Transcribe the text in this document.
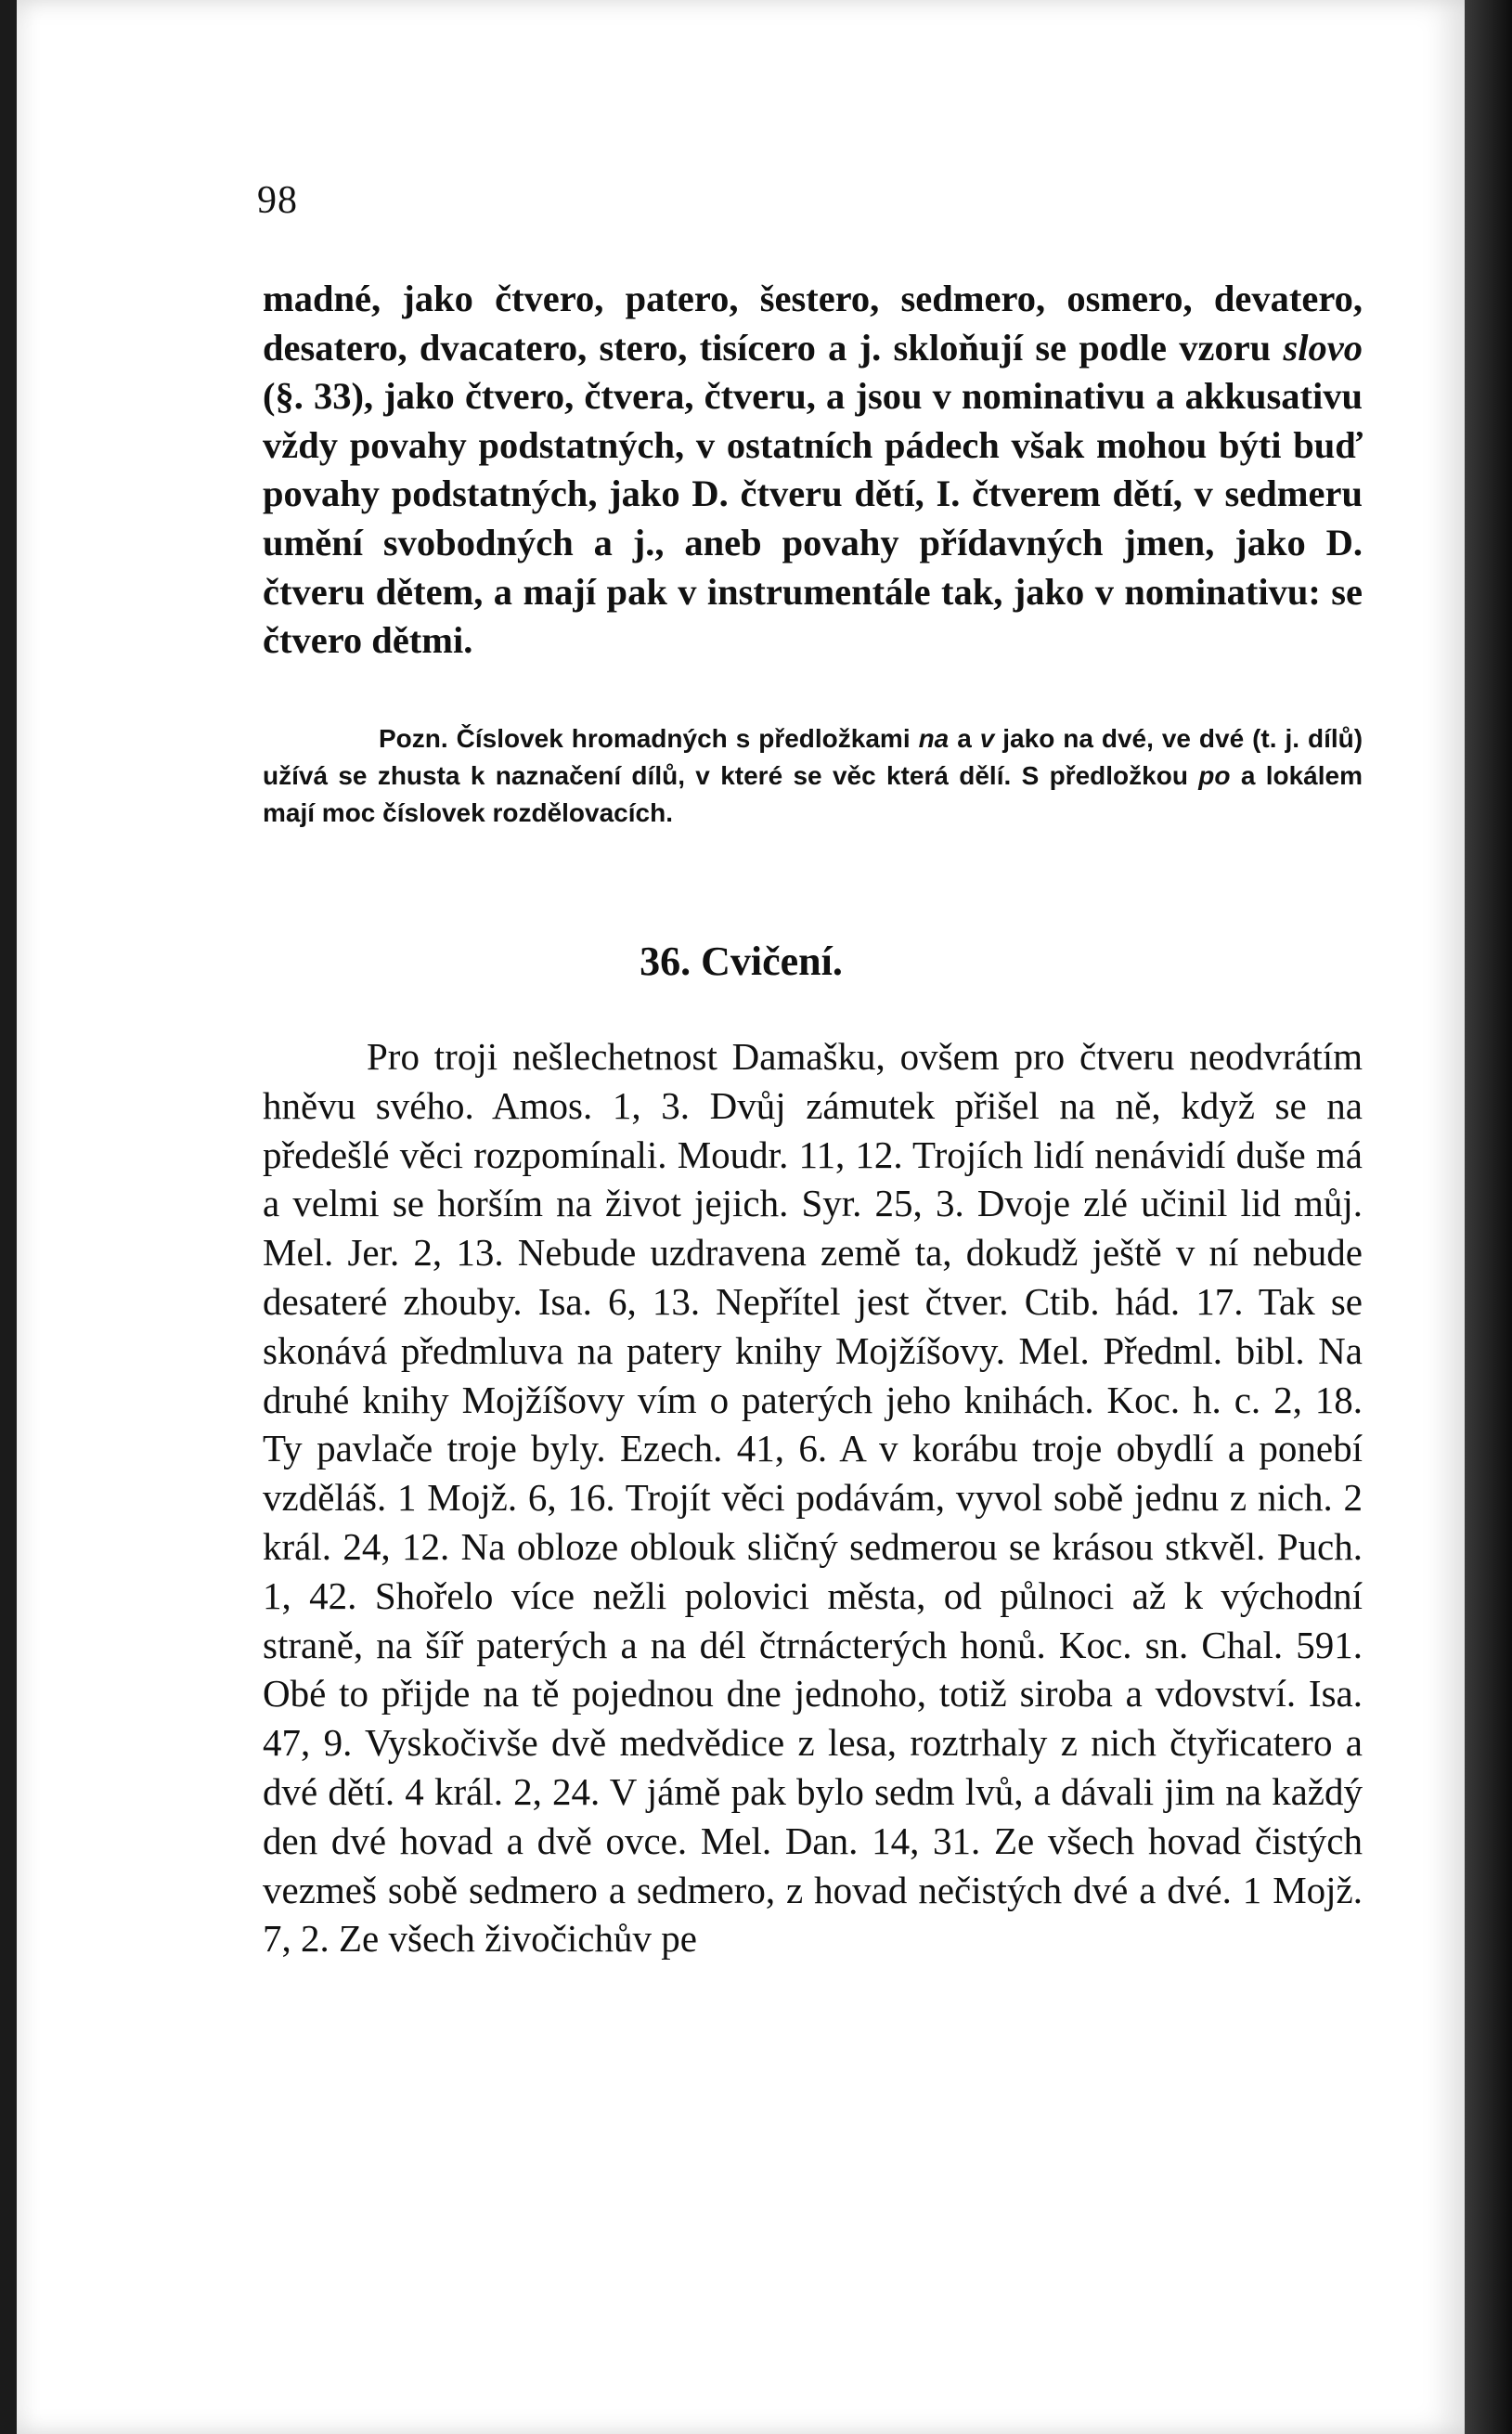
98

madné, jako čtvero, patero, šestero, sedmero, osmero, devatero, desatero, dvacatero, stero, tisícero a j. skloňují se podle vzoru slovo (§. 33), jako čtvero, čtvera, čtveru, a jsou v nominativu a akkusativu vždy povahy podstatných, v ostatních pádech však mohou býti buď povahy podstatných, jako D. čtveru dětí, I. čtverem dětí, v sedmeru umění svobodných a j., aneb povahy přídavných jmen, jako D. čtveru dětem, a mají pak v instrumentále tak, jako v nominativu: se čtvero dětmi.

Pozn. Číslovek hromadných s předložkami na a v jako na dvé, ve dvé (t. j. dílů) užívá se zhusta k naznačení dílů, v které se věc která dělí. S předložkou po a lokálem mají moc číslovek rozdělovacích.
36. Cvičení.

Pro troji nešlechetnost Damašku, ovšem pro čtveru neodvrátím hněvu svého. Amos. 1, 3. Dvůj zámutek přišel na ně, když se na předešlé věci rozpomínali. Moudr. 11, 12. Trojích lidí nenávidí duše má a velmi se horším na život jejich. Syr. 25, 3. Dvoje zlé učinil lid můj. Mel. Jer. 2, 13. Nebude uzdravena země ta, dokudž ještě v ní nebude desateré zhouby. Isa. 6, 13. Nepřítel jest čtver. Ctib. hád. 17. Tak se skonává předmluva na patery knihy Mojžíšovy. Mel. Předml. bibl. Na druhé knihy Mojžíšovy vím o paterých jeho knihách. Koc. h. c. 2, 18. Ty pavlače troje byly. Ezech. 41, 6. A v korábu troje obydlí a ponebí vzděláš. 1 Mojž. 6, 16. Trojít věci podávám, vyvol sobě jednu z nich. 2 král. 24, 12. Na obloze oblouk sličný sedmerou se krásou stkvěl. Puch. 1, 42. Shořelo více nežli polovici města, od půlnoci až k východní straně, na šíř paterých a na dél čtrnácterých honů. Koc. sn. Chal. 591. Obé to přijde na tě pojednou dne jednoho, totiž siroba a vdovství. Isa. 47, 9. Vyskočivše dvě medvědice z lesa, roztrhaly z nich čtyřicatero a dvé dětí. 4 král. 2, 24. V jámě pak bylo sedm lvů, a dávali jim na každý den dvé hovad a dvě ovce. Mel. Dan. 14, 31. Ze všech hovad čistých vezmeš sobě sedmero a sedmero, z hovad nečistých dvé a dvé. 1 Mojž. 7, 2. Ze všech živočichův pe
